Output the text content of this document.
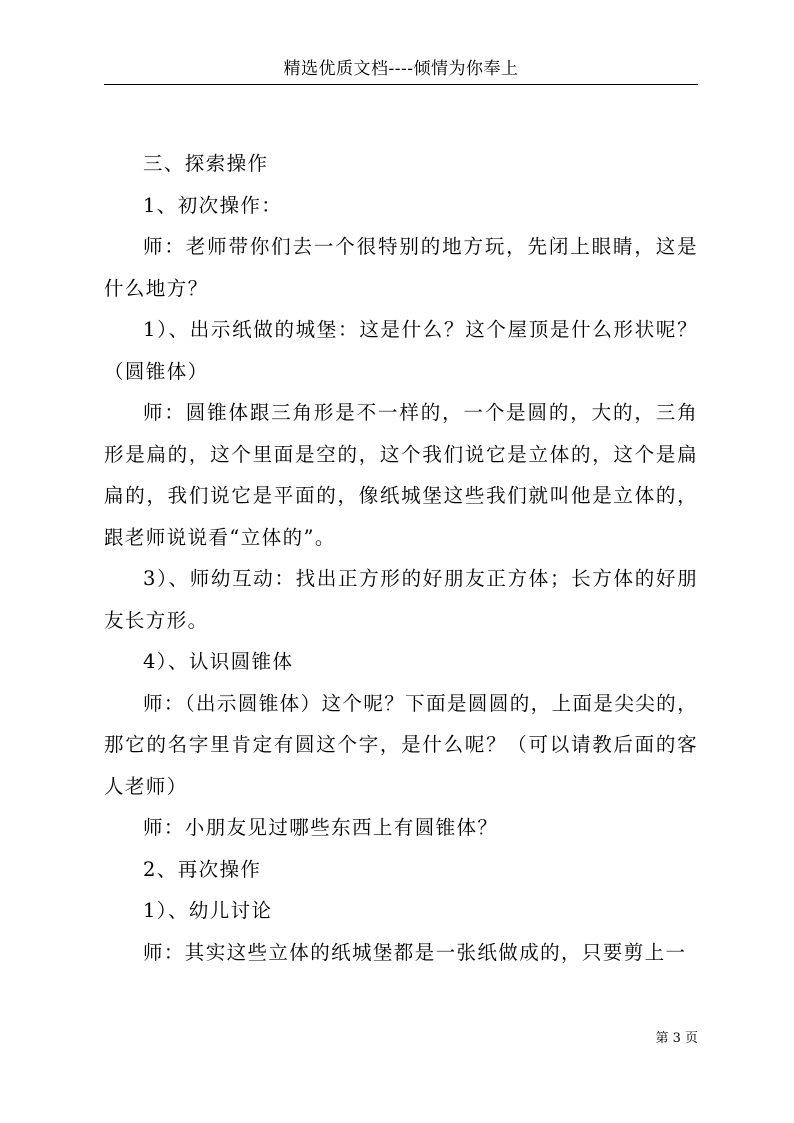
精选优质文档----倾情为你奉上

三、探索操作

1、初次操作：

师：老师带你们去一个很特别的地方玩，先闭上眼睛，这是什么地方？

1）、出示纸做的城堡：这是什么？这个屋顶是什么形状呢？（圆锥体）

师：圆锥体跟三角形是不一样的，一个是圆的，大的，三角形是扁的，这个里面是空的，这个我们说它是立体的，这个是扁扁的，我们说它是平面的，像纸城堡这些我们就叫他是立体的，跟老师说说看“立体的”。

3）、师幼互动：找出正方形的好朋友正方体；长方体的好朋友长方形。

4）、认识圆锥体

师：（出示圆锥体）这个呢？下面是圆圆的，上面是尖尖的，那它的名字里肯定有圆这个字，是什么呢？（可以请教后面的客人老师）

师：小朋友见过哪些东西上有圆锥体？

2、再次操作

1）、幼儿讨论

师：其实这些立体的纸城堡都是一张纸做成的，只要剪上一

第 3 页
